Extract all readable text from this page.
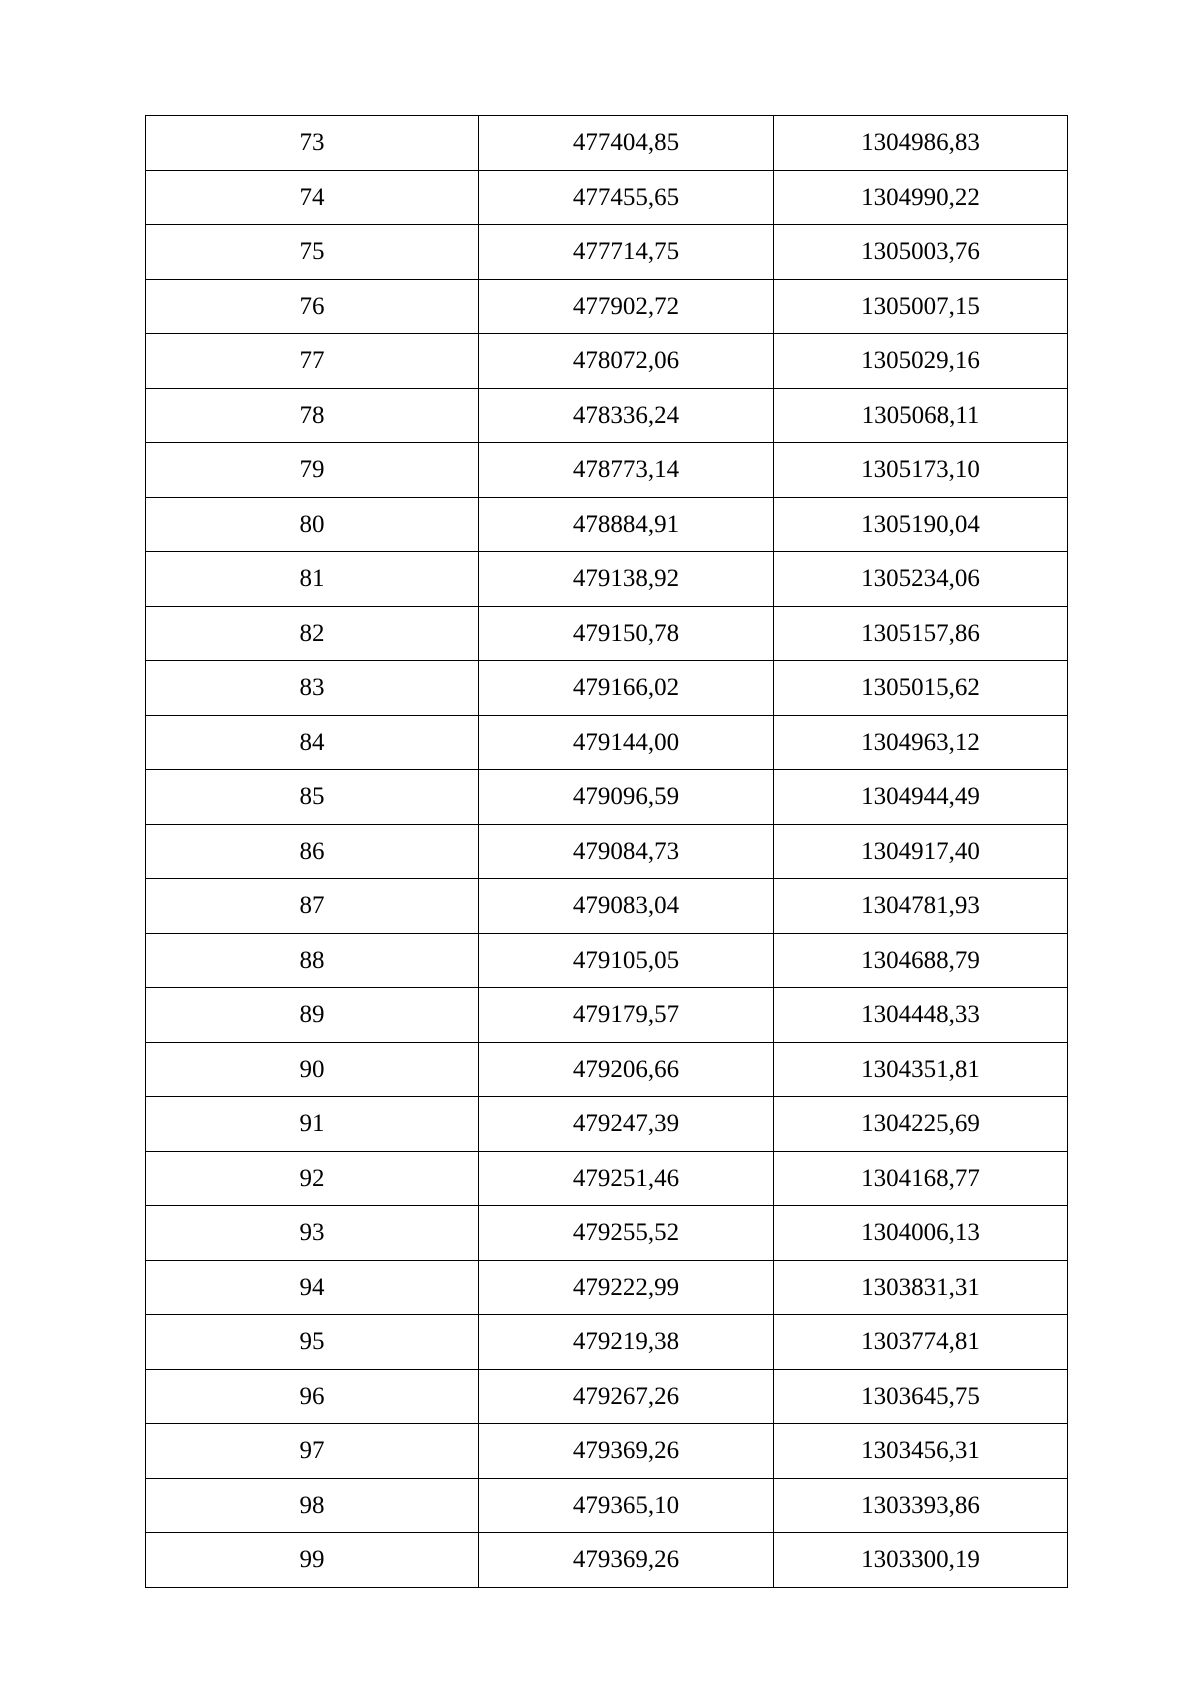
73	477404,85	1304986,83
74	477455,65	1304990,22
75	477714,75	1305003,76
76	477902,72	1305007,15
77	478072,06	1305029,16
78	478336,24	1305068,11
79	478773,14	1305173,10
80	478884,91	1305190,04
81	479138,92	1305234,06
82	479150,78	1305157,86
83	479166,02	1305015,62
84	479144,00	1304963,12
85	479096,59	1304944,49
86	479084,73	1304917,40
87	479083,04	1304781,93
88	479105,05	1304688,79
89	479179,57	1304448,33
90	479206,66	1304351,81
91	479247,39	1304225,69
92	479251,46	1304168,77
93	479255,52	1304006,13
94	479222,99	1303831,31
95	479219,38	1303774,81
96	479267,26	1303645,75
97	479369,26	1303456,31
98	479365,10	1303393,86
99	479369,26	1303300,19
